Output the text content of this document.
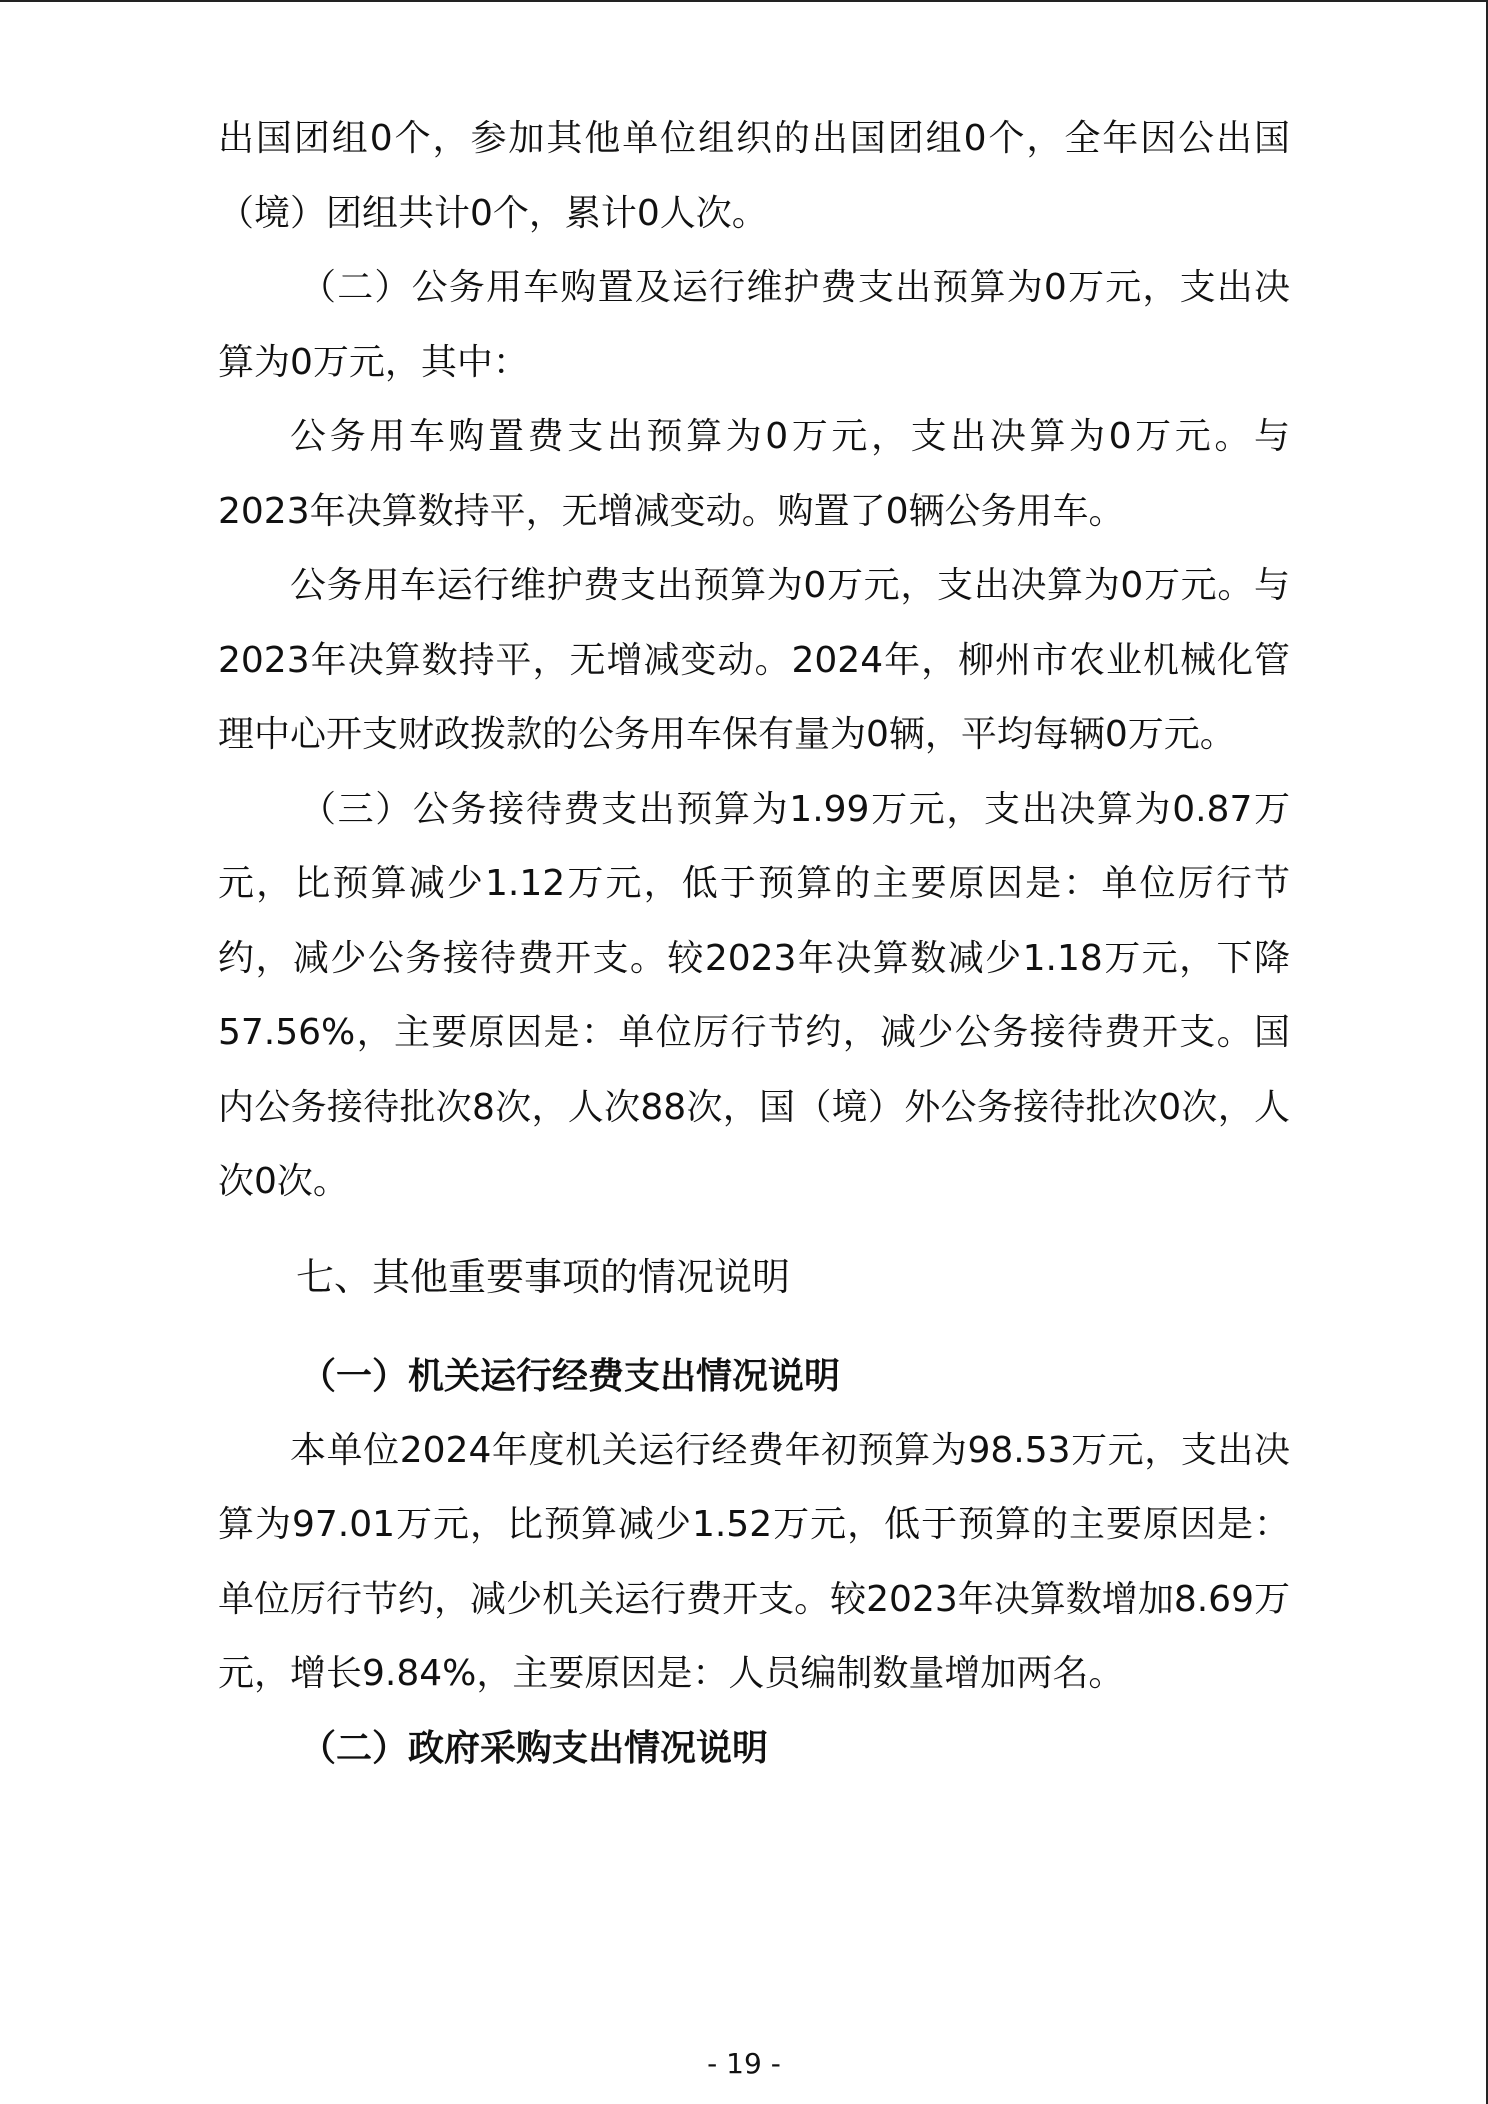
出国团组0个，参加其他单位组织的出国团组0个，全年因公出国（境）团组共计0个，累计0人次。

（二）公务用车购置及运行维护费支出预算为0万元，支出决算为0万元，其中：

公务用车购置费支出预算为0万元，支出决算为0万元。与2023年决算数持平，无增减变动。购置了0辆公务用车。

公务用车运行维护费支出预算为0万元，支出决算为0万元。与2023年决算数持平，无增减变动。2024年，柳州市农业机械化管理中心开支财政拨款的公务用车保有量为0辆，平均每辆0万元。

（三）公务接待费支出预算为1.99万元，支出决算为0.87万元，比预算减少1.12万元，低于预算的主要原因是：单位厉行节约，减少公务接待费开支。较2023年决算数减少1.18万元，下降57.56%，主要原因是：单位厉行节约，减少公务接待费开支。国内公务接待批次8次，人次88次，国（境）外公务接待批次0次，人次0次。

七、其他重要事项的情况说明
（一）机关运行经费支出情况说明

本单位2024年度机关运行经费年初预算为98.53万元，支出决算为97.01万元，比预算减少1.52万元，低于预算的主要原因是：单位厉行节约，减少机关运行费开支。较2023年决算数增加8.69万元，增长9.84%，主要原因是：人员编制数量增加两名。

（二）政府采购支出情况说明
- 19 -
